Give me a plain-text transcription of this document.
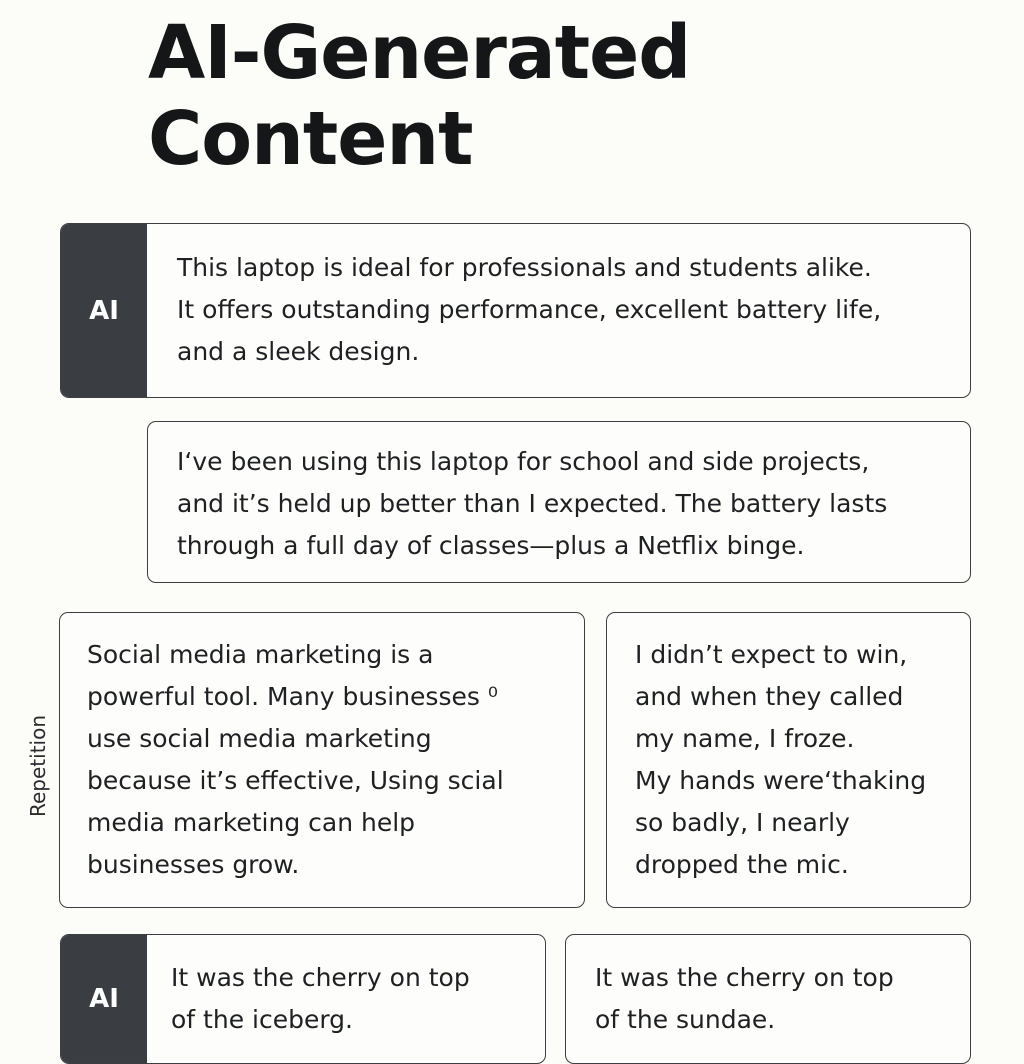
AI-Generated
Content
AI

This laptop is ideal for professionals and students alike.
It offers outstanding performance, excellent battery life,
and a sleek design.

I‘ve been using this laptop for school and side projects,
and it’s held up better than I expected. The battery lasts
through a full day of classes—plus a Netflix binge.

Repetition

Social media marketing is a
powerful tool. Many businesses ⁰
use social media marketing
because it’s effective, Using scial
media marketing can help
businesses grow.

I didn’t expect to win,
and when they called
my name, I froze.
My hands were‘thaking
so badly, I nearly
dropped the mic.

AI

It was the cherry on top
of the iceberg.

It was the cherry on top
of the sundae.
